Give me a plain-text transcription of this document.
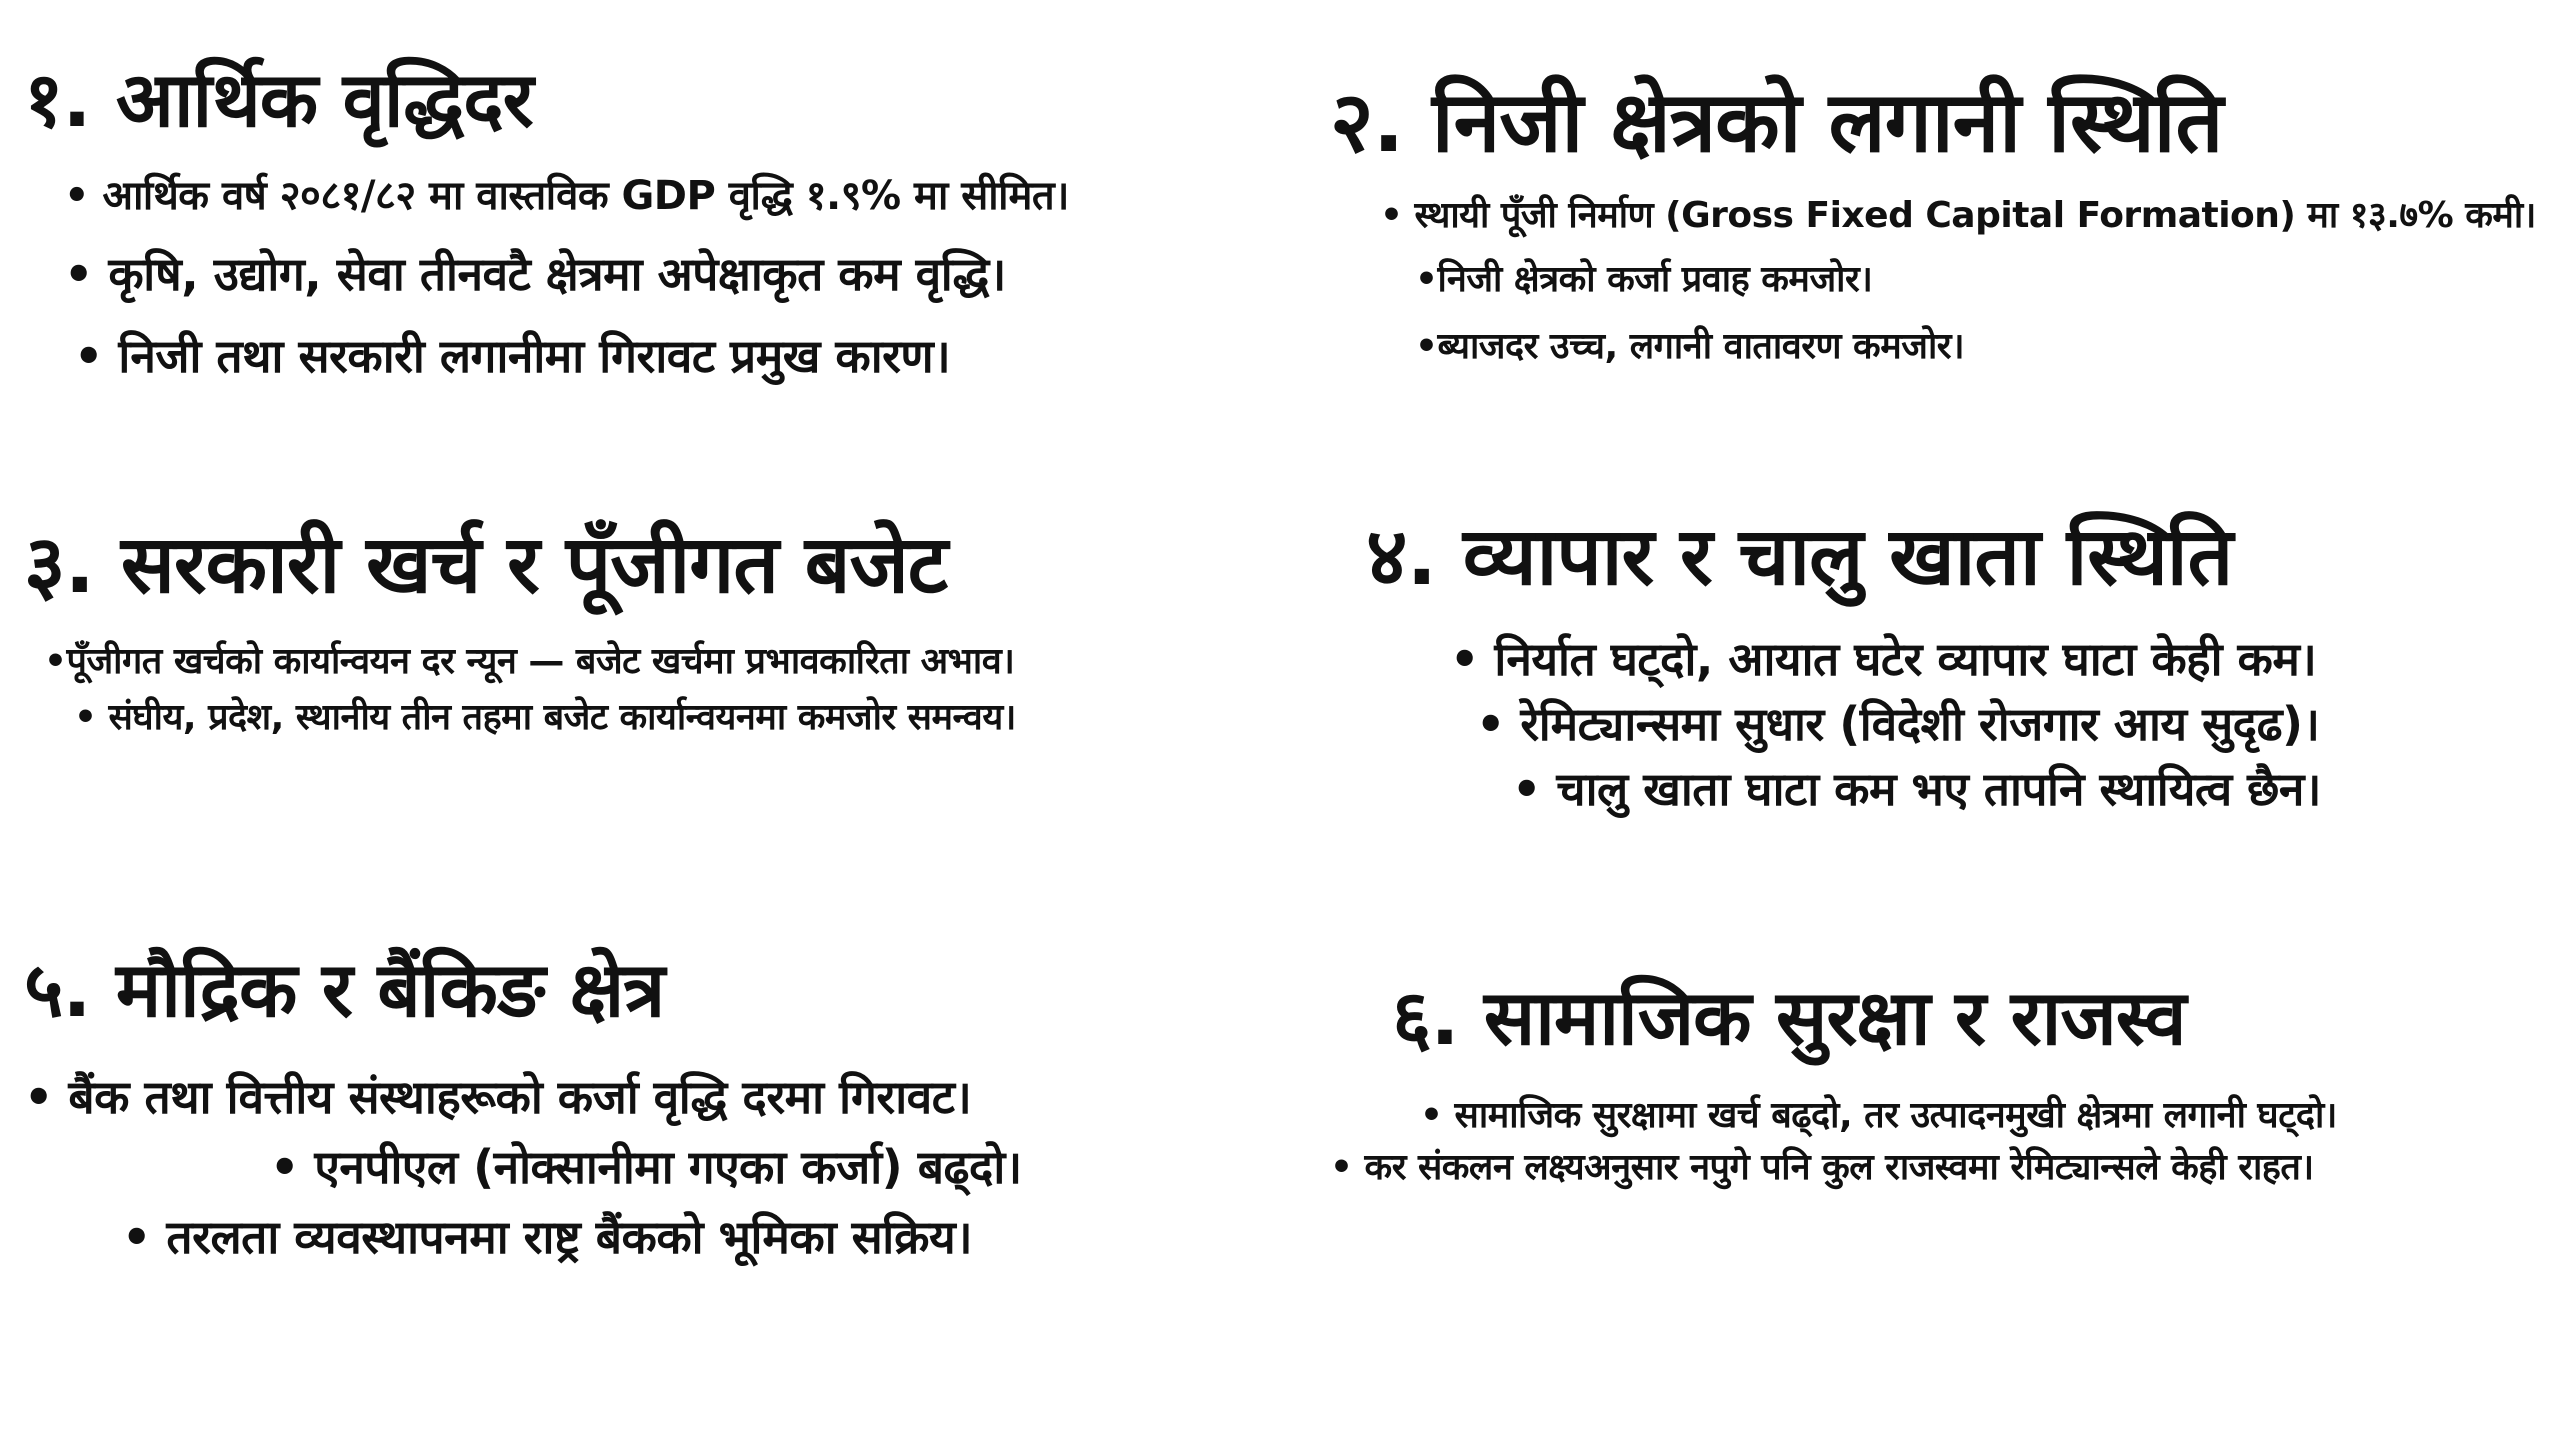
१. आर्थिक वृद्धिदर
• आर्थिक वर्ष २०८१/८२ मा वास्तविक GDP वृद्धि १.९% मा सीमित।
• कृषि, उद्योग, सेवा तीनवटै क्षेत्रमा अपेक्षाकृत कम वृद्धि।
• निजी तथा सरकारी लगानीमा गिरावट प्रमुख कारण।
२. निजी क्षेत्रको लगानी स्थिति
• स्थायी पूँजी निर्माण (Gross Fixed Capital Formation) मा १३.७% कमी।
•निजी क्षेत्रको कर्जा प्रवाह कमजोर।
•ब्याजदर उच्च, लगानी वातावरण कमजोर।
३. सरकारी खर्च र पूँजीगत बजेट
•पूँजीगत खर्चको कार्यान्वयन दर न्यून — बजेट खर्चमा प्रभावकारिता अभाव।
• संघीय, प्रदेश, स्थानीय तीन तहमा बजेट कार्यान्वयनमा कमजोर समन्वय।
४. व्यापार र चालु खाता स्थिति
• निर्यात घट्दो, आयात घटेर व्यापार घाटा केही कम।
• रेमिट्यान्समा सुधार (विदेशी रोजगार आय सुदृढ)।
• चालु खाता घाटा कम भए तापनि स्थायित्व छैन।
५. मौद्रिक र बैंकिङ क्षेत्र
• बैंक तथा वित्तीय संस्थाहरूको कर्जा वृद्धि दरमा गिरावट।
• एनपीएल (नोक्सानीमा गएका कर्जा) बढ्दो।
• तरलता व्यवस्थापनमा राष्ट्र बैंकको भूमिका सक्रिय।
६. सामाजिक सुरक्षा र राजस्व
• सामाजिक सुरक्षामा खर्च बढ्दो, तर उत्पादनमुखी क्षेत्रमा लगानी घट्दो।
• कर संकलन लक्ष्यअनुसार नपुगे पनि कुल राजस्वमा रेमिट्यान्सले केही राहत।
